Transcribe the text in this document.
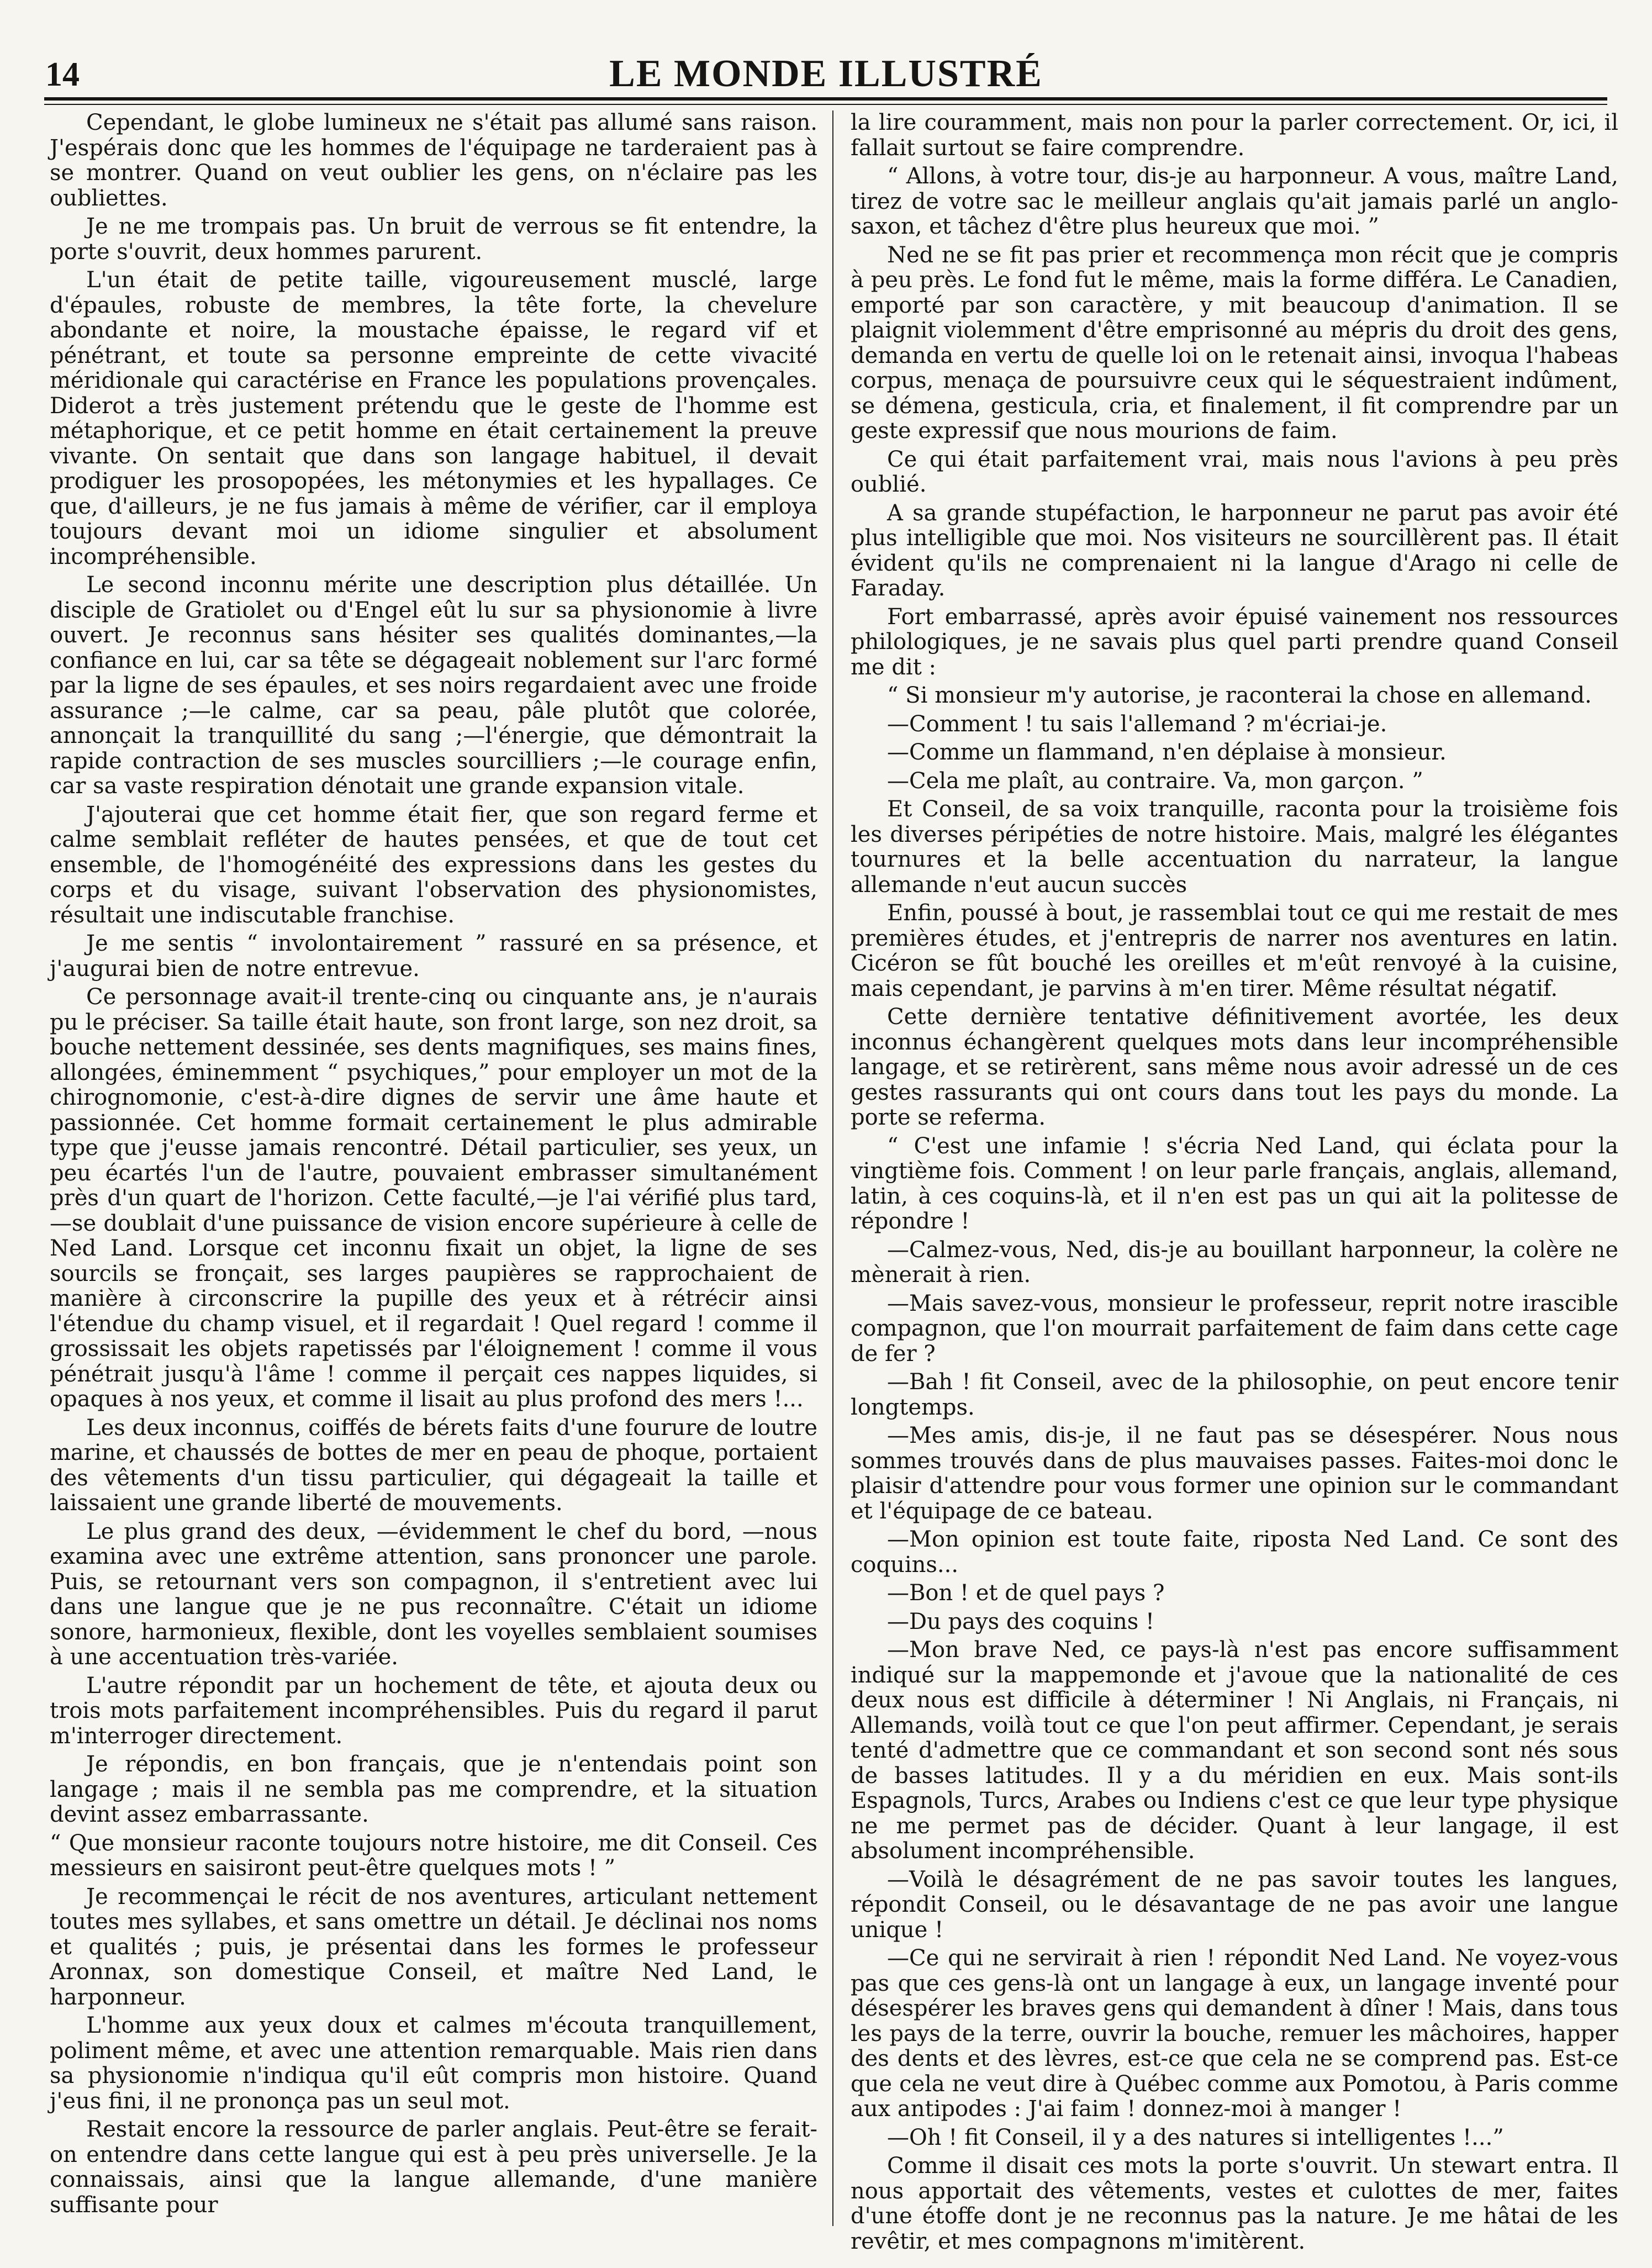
14	LE MONDE ILLUSTRÉ

Cependant, le globe lumineux ne s'était pas allumé sans raison. J'espérais donc que les hommes de l'équipage ne tarderaient pas à se montrer. Quand on veut oublier les gens, on n'éclaire pas les oubliettes.

Je ne me trompais pas. Un bruit de verrous se fit entendre, la porte s'ouvrit, deux hommes parurent.

L'un était de petite taille, vigoureusement musclé, large d'épaules, robuste de membres, la tête forte, la chevelure abondante et noire, la moustache épaisse, le regard vif et pénétrant, et toute sa personne empreinte de cette vivacité méridionale qui caractérise en France les populations provençales. Diderot a très justement prétendu que le geste de l'homme est métaphorique, et ce petit homme en était certainement la preuve vivante. On sentait que dans son langage habituel, il devait prodiguer les prosopopées, les métonymies et les hypallages. Ce que, d'ailleurs, je ne fus jamais à même de vérifier, car il employa toujours devant moi un idiome singulier et absolument incompréhensible.

Le second inconnu mérite une description plus détaillée. Un disciple de Gratiolet ou d'Engel eût lu sur sa physionomie à livre ouvert. Je reconnus sans hésiter ses qualités dominantes,—la confiance en lui, car sa tête se dégageait noblement sur l'arc formé par la ligne de ses épaules, et ses noirs regardaient avec une froide assurance ;—le calme, car sa peau, pâle plutôt que colorée, annonçait la tranquillité du sang ;—l'énergie, que démontrait la rapide contraction de ses muscles sourcilliers ;—le courage enfin, car sa vaste respiration dénotait une grande expansion vitale.

J'ajouterai que cet homme était fier, que son regard ferme et calme semblait refléter de hautes pensées, et que de tout cet ensemble, de l'homogénéité des expressions dans les gestes du corps et du visage, suivant l'observation des physionomistes, résultait une indiscutable franchise.

Je me sentis “ involontairement ” rassuré en sa présence, et j'augurai bien de notre entrevue.

Ce personnage avait-il trente-cinq ou cinquante ans, je n'aurais pu le préciser. Sa taille était haute, son front large, son nez droit, sa bouche nettement dessinée, ses dents magnifiques, ses mains fines, allongées, éminemment “ psychiques,” pour employer un mot de la chirognomonie, c'est-à-dire dignes de servir une âme haute et passionnée. Cet homme formait certainement le plus admirable type que j'eusse jamais rencontré. Détail particulier, ses yeux, un peu écartés l'un de l'autre, pouvaient embrasser simultanément près d'un quart de l'horizon. Cette faculté,—je l'ai vérifié plus tard,—se doublait d'une puissance de vision encore supérieure à celle de Ned Land. Lorsque cet inconnu fixait un objet, la ligne de ses sourcils se fronçait, ses larges paupières se rapprochaient de manière à circonscrire la pupille des yeux et à rétrécir ainsi l'étendue du champ visuel, et il regardait ! Quel regard ! comme il grossissait les objets rapetissés par l'éloignement ! comme il vous pénétrait jusqu'à l'âme ! comme il perçait ces nappes liquides, si opaques à nos yeux, et comme il lisait au plus profond des mers !...

Les deux inconnus, coiffés de bérets faits d'une fourure de loutre marine, et chaussés de bottes de mer en peau de phoque, portaient des vêtements d'un tissu particulier, qui dégageait la taille et laissaient une grande liberté de mouvements.

Le plus grand des deux, —évidemment le chef du bord, —nous examina avec une extrême attention, sans prononcer une parole. Puis, se retournant vers son compagnon, il s'entretient avec lui dans une langue que je ne pus reconnaître. C'était un idiome sonore, harmonieux, flexible, dont les voyelles semblaient soumises à une accentuation très-variée.

L'autre répondit par un hochement de tête, et ajouta deux ou trois mots parfaitement incompréhensibles. Puis du regard il parut m'interroger directement.

Je répondis, en bon français, que je n'entendais point son langage ; mais il ne sembla pas me comprendre, et la situation devint assez embarrassante.

“ Que monsieur raconte toujours notre histoire, me dit Conseil. Ces messieurs en saisiront peut-être quelques mots ! ”

Je recommençai le récit de nos aventures, articulant nettement toutes mes syllabes, et sans omettre un détail. Je déclinai nos noms et qualités ; puis, je présentai dans les formes le professeur Aronnax, son domestique Conseil, et maître Ned Land, le harponneur.

L'homme aux yeux doux et calmes m'écouta tranquillement, poliment même, et avec une attention remarquable. Mais rien dans sa physionomie n'indiqua qu'il eût compris mon histoire. Quand j'eus fini, il ne prononça pas un seul mot.

Restait encore la ressource de parler anglais. Peut-être se ferait-on entendre dans cette langue qui est à peu près universelle. Je la connaissais, ainsi que la langue allemande, d'une manière suffisante pour

la lire couramment, mais non pour la parler correctement. Or, ici, il fallait surtout se faire comprendre.

“ Allons, à votre tour, dis-je au harponneur. A vous, maître Land, tirez de votre sac le meilleur anglais qu'ait jamais parlé un anglo-saxon, et tâchez d'être plus heureux que moi. ”

Ned ne se fit pas prier et recommença mon récit que je compris à peu près. Le fond fut le même, mais la forme différa. Le Canadien, emporté par son caractère, y mit beaucoup d'animation. Il se plaignit violemment d'être emprisonné au mépris du droit des gens, demanda en vertu de quelle loi on le retenait ainsi, invoqua l'habeas corpus, menaça de poursuivre ceux qui le séquestraient indûment, se démena, gesticula, cria, et finalement, il fit comprendre par un geste expressif que nous mourions de faim.

Ce qui était parfaitement vrai, mais nous l'avions à peu près oublié.

A sa grande stupéfaction, le harponneur ne parut pas avoir été plus intelligible que moi. Nos visiteurs ne sourcillèrent pas. Il était évident qu'ils ne comprenaient ni la langue d'Arago ni celle de Faraday.

Fort embarrassé, après avoir épuisé vainement nos ressources philologiques, je ne savais plus quel parti prendre quand Conseil me dit :

“ Si monsieur m'y autorise, je raconterai la chose en allemand.

—Comment ! tu sais l'allemand ? m'écriai-je.

—Comme un flammand, n'en déplaise à monsieur.

—Cela me plaît, au contraire. Va, mon garçon. ”

Et Conseil, de sa voix tranquille, raconta pour la troisième fois les diverses péripéties de notre histoire. Mais, malgré les élégantes tournures et la belle accentuation du narrateur, la langue allemande n'eut aucun succès

Enfin, poussé à bout, je rassemblai tout ce qui me restait de mes premières études, et j'entrepris de narrer nos aventures en latin. Cicéron se fût bouché les oreilles et m'eût renvoyé à la cuisine, mais cependant, je parvins à m'en tirer. Même résultat négatif.

Cette dernière tentative définitivement avortée, les deux inconnus échangèrent quelques mots dans leur incompréhensible langage, et se retirèrent, sans même nous avoir adressé un de ces gestes rassurants qui ont cours dans tout les pays du monde. La porte se referma.

“ C'est une infamie ! s'écria Ned Land, qui éclata pour la vingtième fois. Comment ! on leur parle français, anglais, allemand, latin, à ces coquins-là, et il n'en est pas un qui ait la politesse de répondre !

—Calmez-vous, Ned, dis-je au bouillant harponneur, la colère ne mènerait à rien.

—Mais savez-vous, monsieur le professeur, reprit notre irascible compagnon, que l'on mourrait parfaitement de faim dans cette cage de fer ?

—Bah ! fit Conseil, avec de la philosophie, on peut encore tenir longtemps.

—Mes amis, dis-je, il ne faut pas se désespérer. Nous nous sommes trouvés dans de plus mauvaises passes. Faites-moi donc le plaisir d'attendre pour vous former une opinion sur le commandant et l'équipage de ce bateau.

—Mon opinion est toute faite, riposta Ned Land. Ce sont des coquins...

—Bon ! et de quel pays ?

—Du pays des coquins !

—Mon brave Ned, ce pays-là n'est pas encore suffisamment indiqué sur la mappemonde et j'avoue que la nationalité de ces deux nous est difficile à déterminer ! Ni Anglais, ni Français, ni Allemands, voilà tout ce que l'on peut affirmer. Cependant, je serais tenté d'admettre que ce commandant et son second sont nés sous de basses latitudes. Il y a du méridien en eux. Mais sont-ils Espagnols, Turcs, Arabes ou Indiens c'est ce que leur type physique ne me permet pas de décider. Quant à leur langage, il est absolument incompréhensible.

—Voilà le désagrément de ne pas savoir toutes les langues, répondit Conseil, ou le désavantage de ne pas avoir une langue unique !

—Ce qui ne servirait à rien ! répondit Ned Land. Ne voyez-vous pas que ces gens-là ont un langage à eux, un langage inventé pour désespérer les braves gens qui demandent à dîner ! Mais, dans tous les pays de la terre, ouvrir la bouche, remuer les mâchoires, happer des dents et des lèvres, est-ce que cela ne se comprend pas. Est-ce que cela ne veut dire à Québec comme aux Pomotou, à Paris comme aux antipodes : J'ai faim ! donnez-moi à manger !

—Oh ! fit Conseil, il y a des natures si intelligentes !...”

Comme il disait ces mots la porte s'ouvrit. Un stewart entra. Il nous apportait des vêtements, vestes et culottes de mer, faites d'une étoffe dont je ne reconnus pas la nature. Je me hâtai de les revêtir, et mes compagnons m'imitèrent.
